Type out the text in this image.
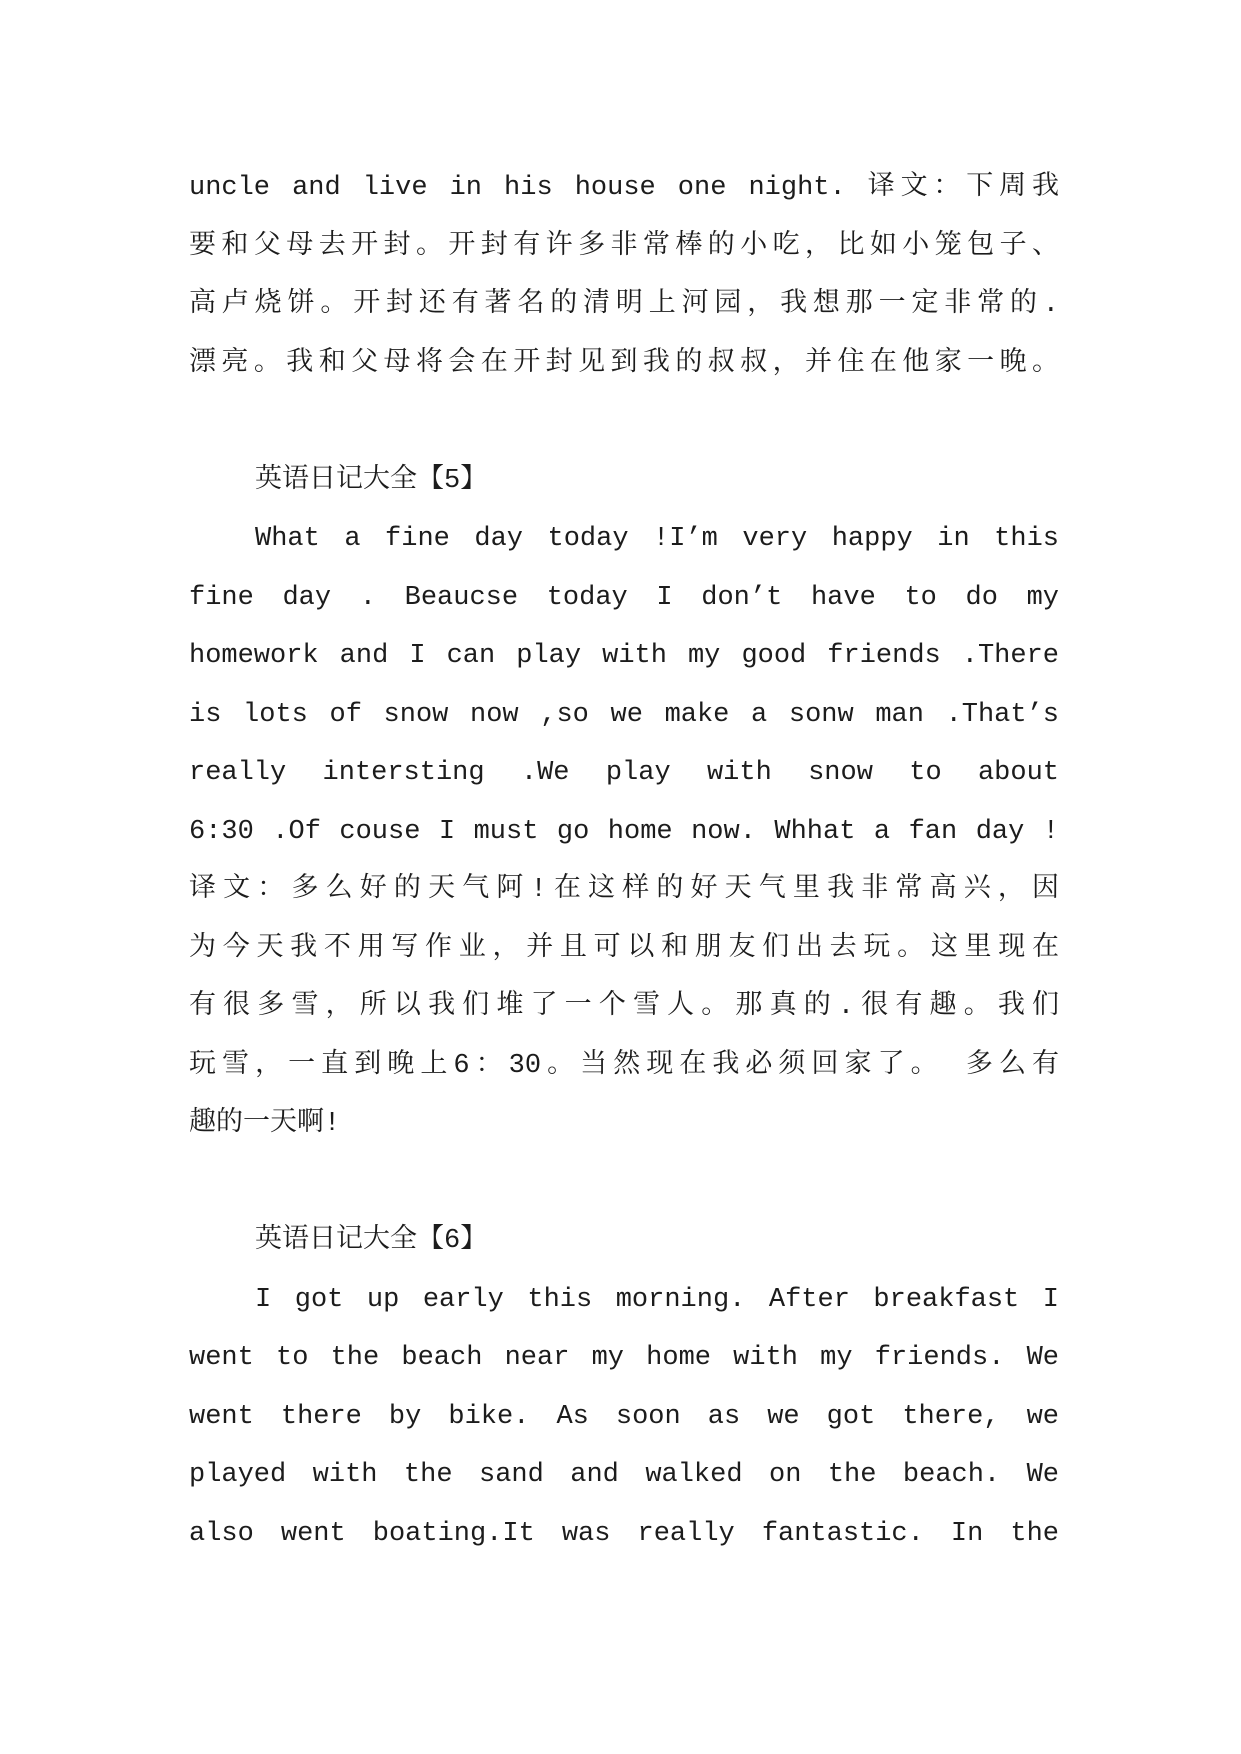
uncle and live in his house one night. 译文：下周我
要和父母去开封。开封有许多非常棒的小吃，比如小笼包子、
高卢烧饼。开封还有著名的清明上河园，我想那一定非常的.
漂亮。我和父母将会在开封见到我的叔叔，并住在他家一晚。
英语日记大全【5】
What a fine day today !I’m very happy in this
fine day . Beaucse today I don’t have to do my
homework and I can play with my good friends .There
is lots of snow now ,so we make a sonw man .That’s
really intersting .We play with snow to about
6:30 .Of couse I must go home now. Whhat a fan day !
译文：多么好的天气阿!在这样的好天气里我非常高兴，因
为今天我不用写作业，并且可以和朋友们出去玩。这里现在
有很多雪，所以我们堆了一个雪人。那真的.很有趣。我们
玩雪，一直到晚上6：30。当然现在我必须回家了。 多么有
趣的一天啊!
英语日记大全【6】
I got up early this morning. After breakfast I
went to the beach near my home with my friends. We
went there by bike. As soon as we got there, we
played with the sand and walked on the beach. We
also went boating.It was really fantastic. In the
